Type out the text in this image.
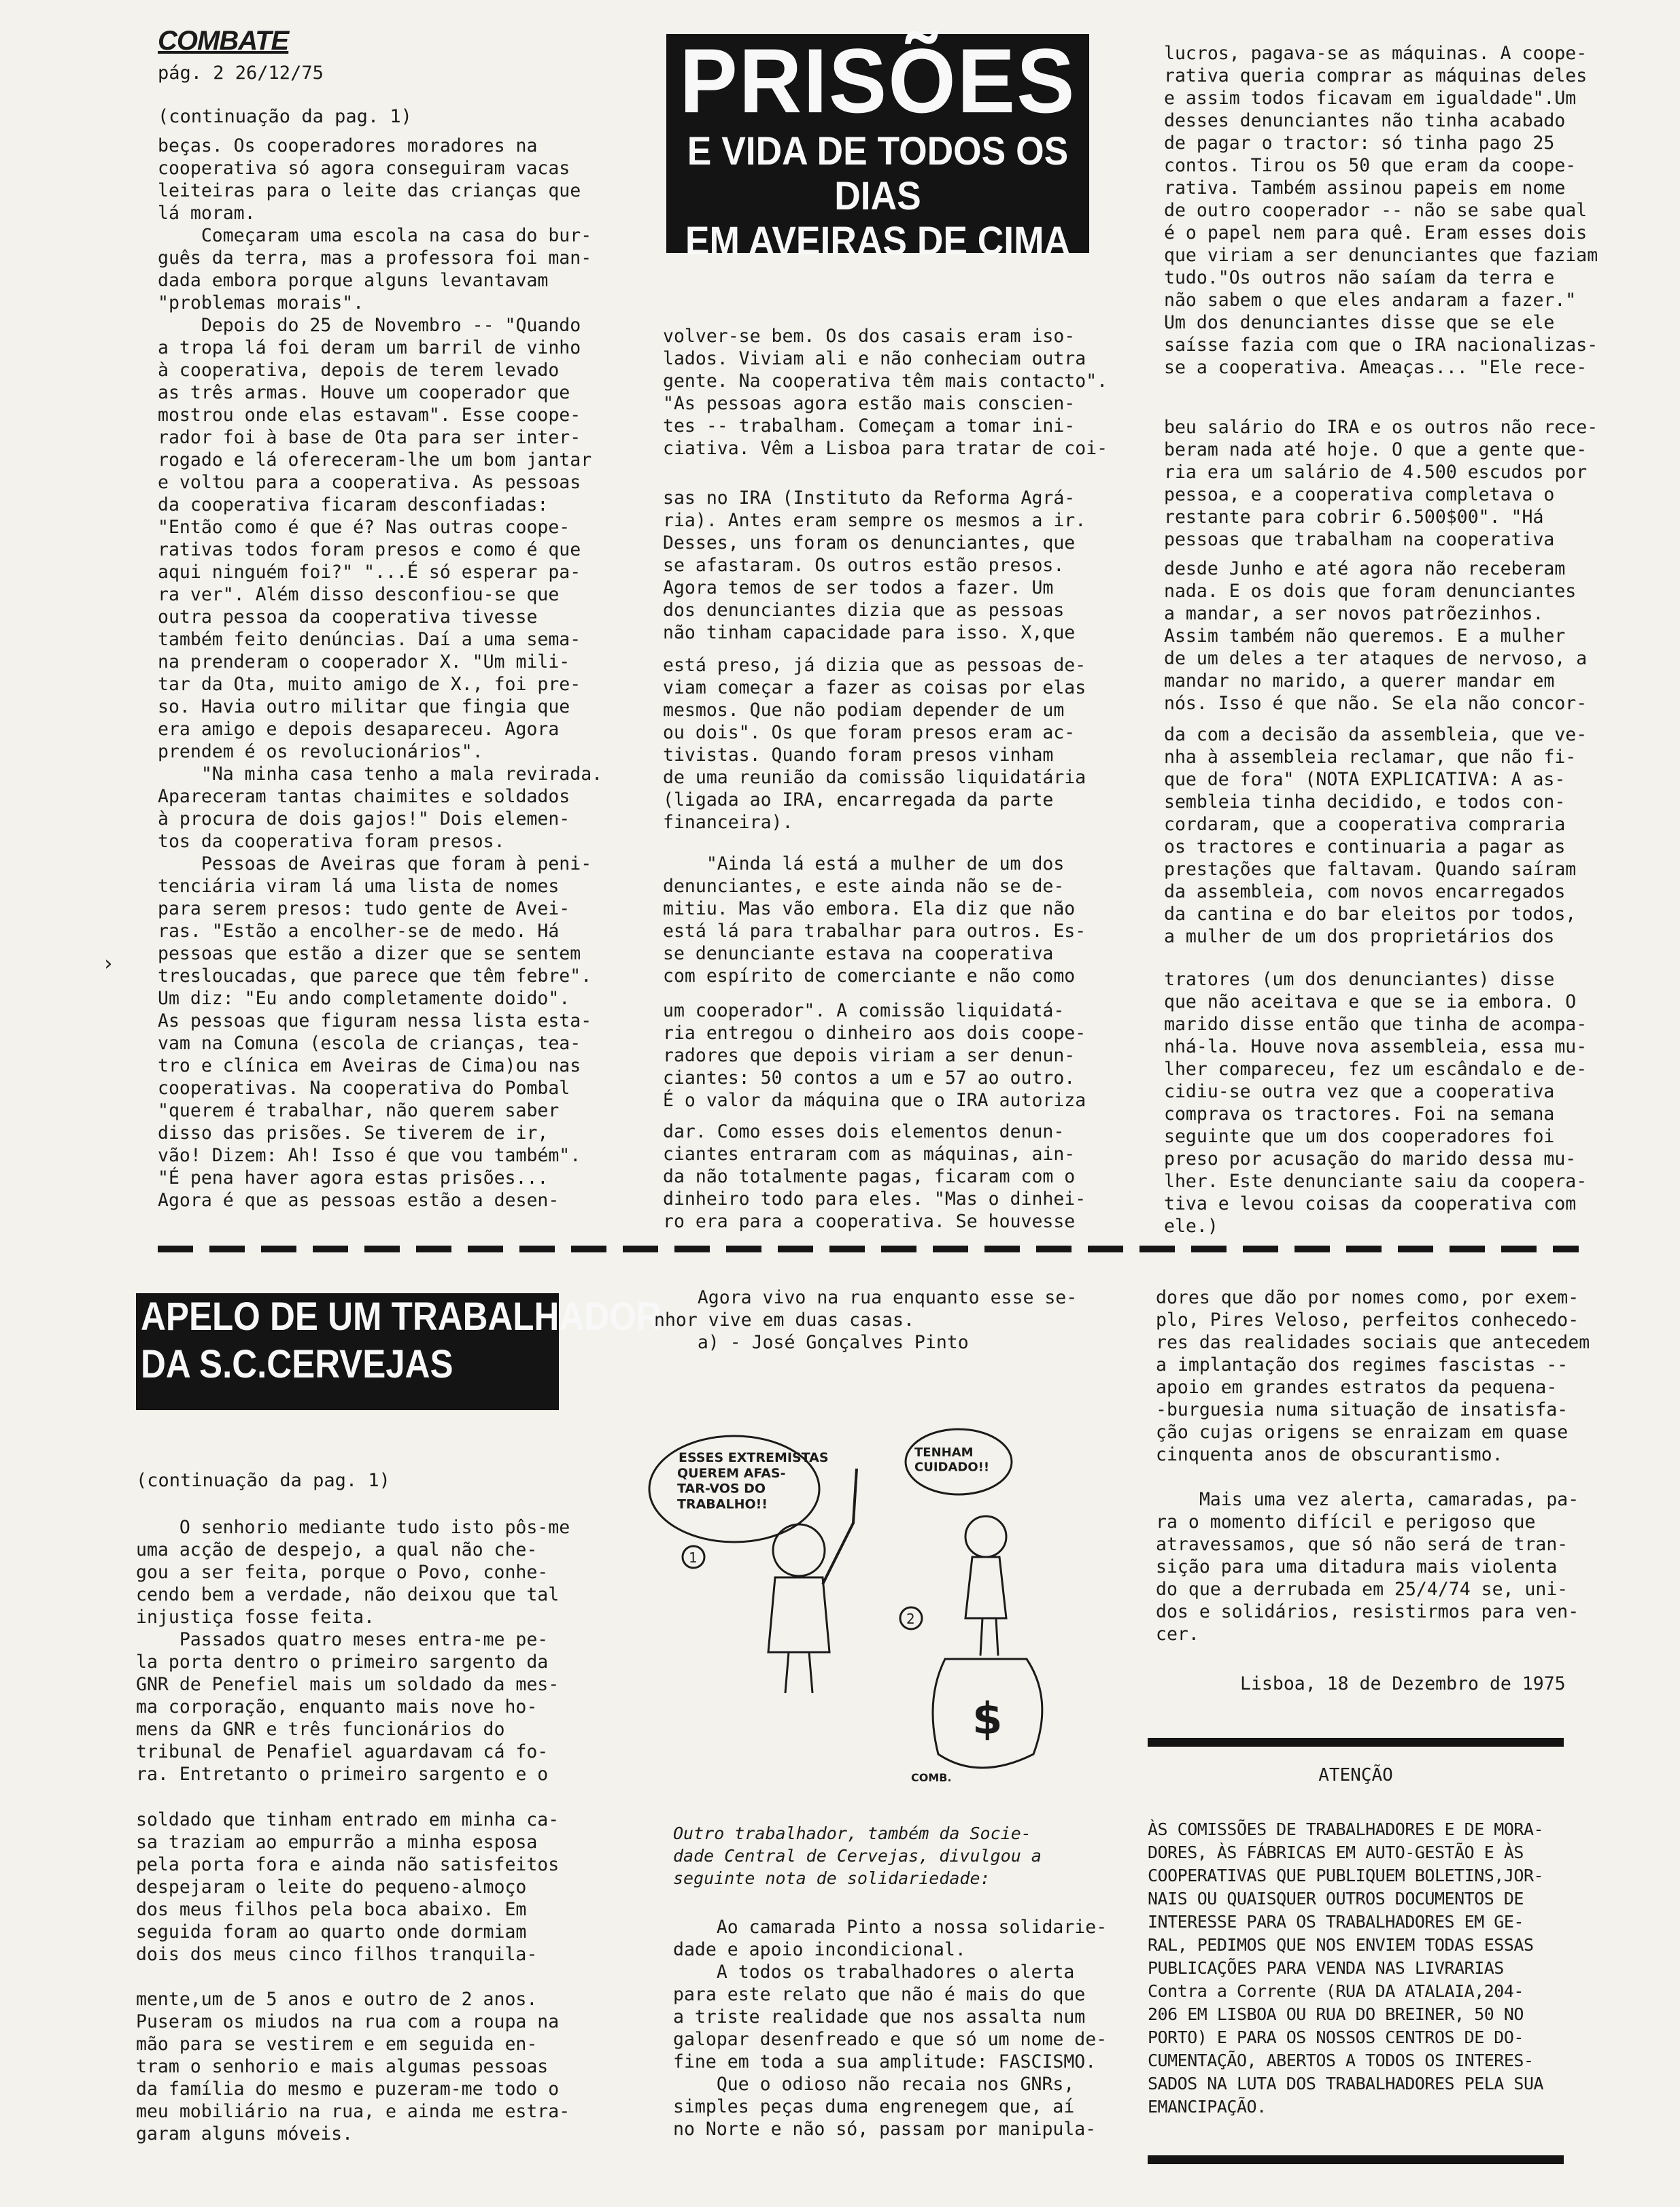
COMBATE
pág. 2 26/12/75
(continuação da pag. 1)
beças. Os cooperadores moradores na
cooperativa só agora conseguiram vacas
leiteiras para o leite das crianças que
lá moram.
Começaram uma escola na casa do bur-
guês da terra, mas a professora foi man-
dada embora porque alguns levantavam
"problemas morais".
Depois do 25 de Novembro -- "Quando
a tropa lá foi deram um barril de vinho
à cooperativa, depois de terem levado
as três armas. Houve um cooperador que
mostrou onde elas estavam". Esse coope-
rador foi à base de Ota para ser inter-
rogado e lá ofereceram-lhe um bom jantar
e voltou para a cooperativa. As pessoas
da cooperativa ficaram desconfiadas:
"Então como é que é? Nas outras coope-
rativas todos foram presos e como é que
aqui ninguém foi?" "...É só esperar pa-
ra ver". Além disso desconfiou-se que
outra pessoa da cooperativa tivesse
também feito denúncias. Daí a uma sema-
na prenderam o cooperador X. "Um mili-
tar da Ota, muito amigo de X., foi pre-
so. Havia outro militar que fingia que
era amigo e depois desapareceu. Agora
prendem é os revolucionários".
"Na minha casa tenho a mala revirada.
Apareceram tantas chaimites e soldados
à procura de dois gajos!" Dois elemen-
tos da cooperativa foram presos.
Pessoas de Aveiras que foram à peni-
tenciária viram lá uma lista de nomes
para serem presos: tudo gente de Avei-
ras. "Estão a encolher-se de medo. Há
pessoas que estão a dizer que se sentem
tresloucadas, que parece que têm febre".
Um diz: "Eu ando completamente doido".
As pessoas que figuram nessa lista esta-
vam na Comuna (escola de crianças, tea-
tro e clínica em Aveiras de Cima)ou nas
cooperativas. Na cooperativa do Pombal
"querem é trabalhar, não querem saber
disso das prisões. Se tiverem de ir,
vão! Dizem: Ah! Isso é que vou também".
"É pena haver agora estas prisões...
Agora é que as pessoas estão a desen-
PRISÕES
E VIDA DE TODOS OS DIAS
EM AVEIRAS DE CIMA
volver-se bem. Os dos casais eram iso-
lados. Viviam ali e não conheciam outra
gente. Na cooperativa têm mais contacto".
"As pessoas agora estão mais conscien-
tes -- trabalham. Começam a tomar ini-
ciativa. Vêm a Lisboa para tratar de coi-
sas no IRA (Instituto da Reforma Agrá-
ria). Antes eram sempre os mesmos a ir.
Desses, uns foram os denunciantes, que
se afastaram. Os outros estão presos.
Agora temos de ser todos a fazer. Um
dos denunciantes dizia que as pessoas
não tinham capacidade para isso. X,que
está preso, já dizia que as pessoas de-
viam começar a fazer as coisas por elas
mesmos. Que não podiam depender de um
ou dois". Os que foram presos eram ac-
tivistas. Quando foram presos vinham
de uma reunião da comissão liquidatária
(ligada ao IRA, encarregada da parte
financeira).
"Ainda lá está a mulher de um dos
denunciantes, e este ainda não se de-
mitiu. Mas vão embora. Ela diz que não
está lá para trabalhar para outros. Es-
se denunciante estava na cooperativa
com espírito de comerciante e não como
um cooperador". A comissão liquidatá-
ria entregou o dinheiro aos dois coope-
radores que depois viriam a ser denun-
ciantes: 50 contos a um e 57 ao outro.
É o valor da máquina que o IRA autoriza
dar. Como esses dois elementos denun-
ciantes entraram com as máquinas, ain-
da não totalmente pagas, ficaram com o
dinheiro todo para eles. "Mas o dinhei-
ro era para a cooperativa. Se houvesse
lucros, pagava-se as máquinas. A coope-
rativa queria comprar as máquinas deles
e assim todos ficavam em igualdade".Um
desses denunciantes não tinha acabado
de pagar o tractor: só tinha pago 25
contos. Tirou os 50 que eram da coope-
rativa. Também assinou papeis em nome
de outro cooperador -- não se sabe qual
é o papel nem para quê. Eram esses dois
que viriam a ser denunciantes que faziam
tudo."Os outros não saíam da terra e
não sabem o que eles andaram a fazer."
Um dos denunciantes disse que se ele
saísse fazia com que o IRA nacionalizas-
se a cooperativa. Ameaças... "Ele rece-
beu salário do IRA e os outros não rece-
beram nada até hoje. O que a gente que-
ria era um salário de 4.500 escudos por
pessoa, e a cooperativa completava o
restante para cobrir 6.500$00". "Há
pessoas que trabalham na cooperativa
desde Junho e até agora não receberam
nada. E os dois que foram denunciantes
a mandar, a ser novos patrõezinhos.
Assim também não queremos. E a mulher
de um deles a ter ataques de nervoso, a
mandar no marido, a querer mandar em
nós. Isso é que não. Se ela não concor-
da com a decisão da assembleia, que ve-
nha à assembleia reclamar, que não fi-
que de fora" (NOTA EXPLICATIVA: A as-
sembleia tinha decidido, e todos con-
cordaram, que a cooperativa compraria
os tractores e continuaria a pagar as
prestações que faltavam. Quando saíram
da assembleia, com novos encarregados
da cantina e do bar eleitos por todos,
a mulher de um dos proprietários dos
tratores (um dos denunciantes) disse
que não aceitava e que se ia embora. O
marido disse então que tinha de acompa-
nhá-la. Houve nova assembleia, essa mu-
lher compareceu, fez um escândalo e de-
cidiu-se outra vez que a cooperativa
comprava os tractores. Foi na semana
seguinte que um dos cooperadores foi
preso por acusação do marido dessa mu-
lher. Este denunciante saiu da coopera-
tiva e levou coisas da cooperativa com
ele.)
›
APELO DE UM TRABALHADOR
DA S.C.CERVEJAS
(continuação da pag. 1)
O senhorio mediante tudo isto pôs-me
uma acção de despejo, a qual não che-
gou a ser feita, porque o Povo, conhe-
cendo bem a verdade, não deixou que tal
injustiça fosse feita.
Passados quatro meses entra-me pe-
la porta dentro o primeiro sargento da
GNR de Penefiel mais um soldado da mes-
ma corporação, enquanto mais nove ho-
mens da GNR e três funcionários do
tribunal de Penafiel aguardavam cá fo-
ra. Entretanto o primeiro sargento e o
soldado que tinham entrado em minha ca-
sa traziam ao empurrão a minha esposa
pela porta fora e ainda não satisfeitos
despejaram o leite do pequeno-almoço
dos meus filhos pela boca abaixo. Em
seguida foram ao quarto onde dormiam
dois dos meus cinco filhos tranquila-
mente,um de 5 anos e outro de 2 anos.
Puseram os miudos na rua com a roupa na
mão para se vestirem e em seguida en-
tram o senhorio e mais algumas pessoas
da família do mesmo e puzeram-me todo o
meu mobiliário na rua, e ainda me estra-
garam alguns móveis.
Agora vivo na rua enquanto esse se-
nhor vive em duas casas.
a) - José Gonçalves Pinto
ESSES EXTREMISTAS QUEREM AFAS-TAR-VOS DO TRABALHO!!
1
TENHAM CUIDADO!!
$
2
COMB.
Outro trabalhador, também da Socie-
dade Central de Cervejas, divulgou a
seguinte nota de solidariedade:
Ao camarada Pinto a nossa solidarie-
dade e apoio incondicional.
A todos os trabalhadores o alerta
para este relato que não é mais do que
a triste realidade que nos assalta num
galopar desenfreado e que só um nome de-
fine em toda a sua amplitude: FASCISMO.
Que o odioso não recaia nos GNRs,
simples peças duma engrenegem que, aí
no Norte e não só, passam por manipula-
dores que dão por nomes como, por exem-
plo, Pires Veloso, perfeitos conhecedo-
res das realidades sociais que antecedem
a implantação dos regimes fascistas --
apoio em grandes estratos da pequena-
-burguesia numa situação de insatisfa-
ção cujas origens se enraizam em quase
cinquenta anos de obscurantismo.

Mais uma vez alerta, camaradas, pa-
ra o momento difícil e perigoso que
atravessamos, que só não será de tran-
sição para uma ditadura mais violenta
do que a derrubada em 25/4/74 se, uni-
dos e solidários, resistirmos para ven-
cer.
Lisboa, 18 de Dezembro de 1975
ATENÇÃO
ÀS COMISSÕES DE TRABALHADORES E DE MORA-
DORES, ÀS FÁBRICAS EM AUTO-GESTÃO E ÀS
COOPERATIVAS QUE PUBLIQUEM BOLETINS,JOR-
NAIS OU QUAISQUER OUTROS DOCUMENTOS DE
INTERESSE PARA OS TRABALHADORES EM GE-
RAL, PEDIMOS QUE NOS ENVIEM TODAS ESSAS
PUBLICAÇÕES PARA VENDA NAS LIVRARIAS
Contra a Corrente (RUA DA ATALAIA,204-
206 EM LISBOA OU RUA DO BREINER, 50 NO
PORTO) E PARA OS NOSSOS CENTROS DE DO-
CUMENTAÇÃO, ABERTOS A TODOS OS INTERES-
SADOS NA LUTA DOS TRABALHADORES PELA SUA
EMANCIPAÇÃO.
